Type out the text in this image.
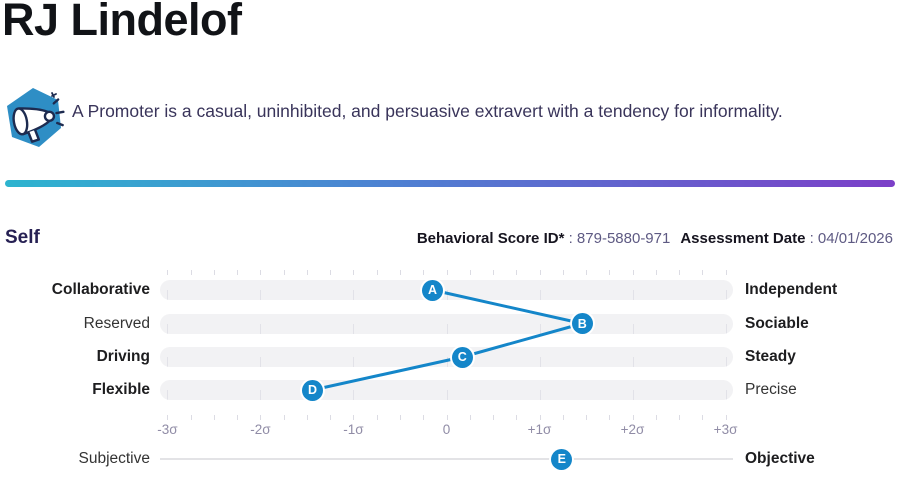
RJ Lindelof
A Promoter is a casual, uninhibited, and persuasive extravert with a tendency for informality.
Self	Behavioral Score ID* : 879-5880-971 Assessment Date : 04/01/2026
Collaborative	Independent
Reserved	Sociable
Driving	Steady
Flexible	Precise
-3σ	-2σ	-1σ	0	+1σ	+2σ	+3σ
Subjective	Objective
A
B
C
D
E
